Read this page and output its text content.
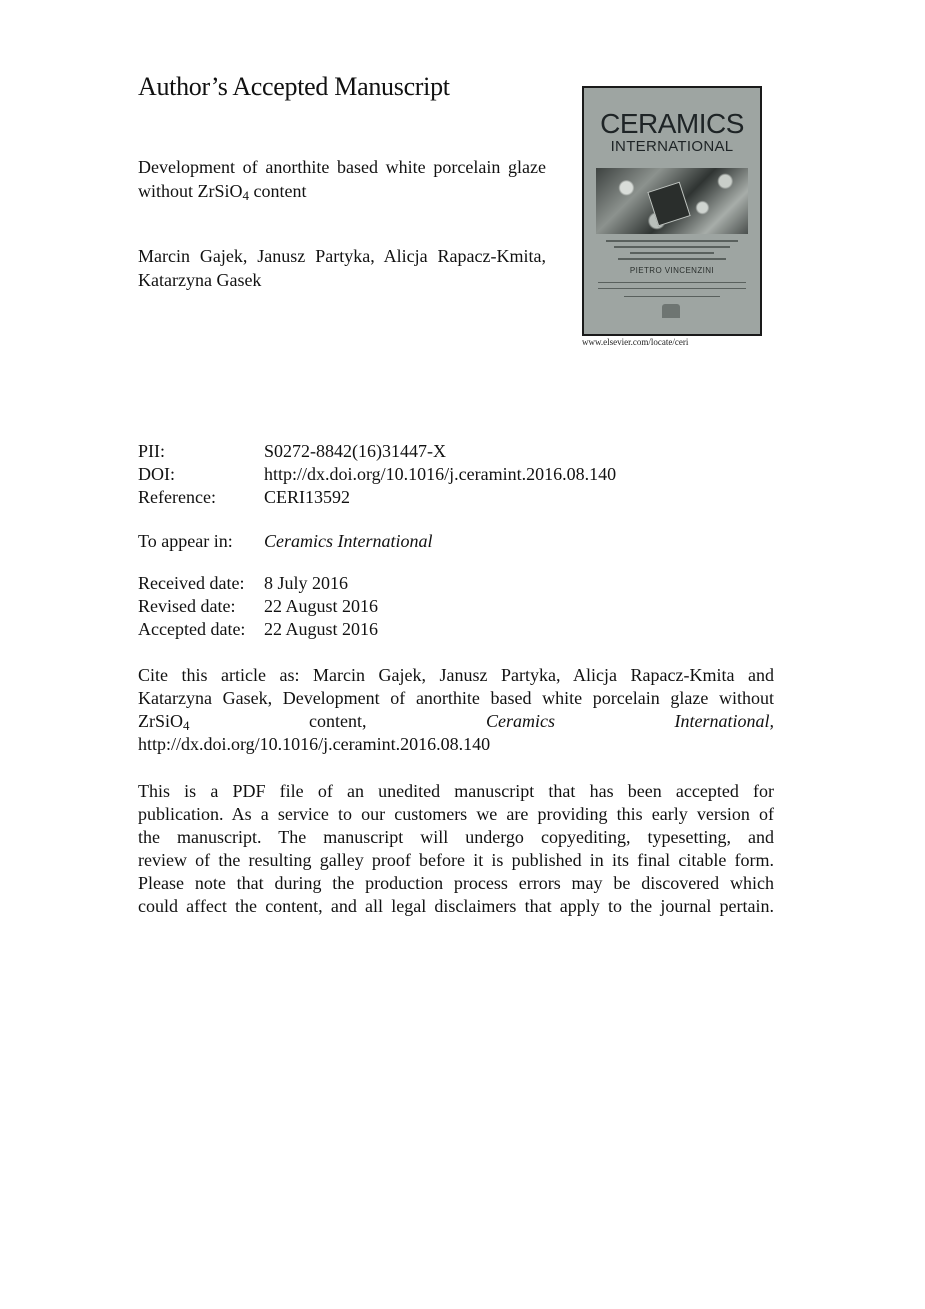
Author’s Accepted Manuscript
Development of anorthite based white porcelain glaze without ZrSiO$_4$ content
Marcin Gajek, Janusz Partyka, Alicja Rapacz-Kmita, Katarzyna Gasek
CERAMICS
INTERNATIONAL
PIETRO VINCENZINI
www.elsevier.com/locate/ceri
PII:	S0272-8842(16)31447-X
DOI:	http://dx.doi.org/10.1016/j.ceramint.2016.08.140
Reference:	CERI13592
To appear in: Ceramics International
Received date: 8 July 2016
Revised date: 22 August 2016
Accepted date: 22 August 2016
Cite this article as: Marcin Gajek, Janusz Partyka, Alicja Rapacz-Kmita and
Katarzyna Gasek, Development of anorthite based white porcelain glaze without
ZrSiO$_4$	content,	Ceramics	International,
http://dx.doi.org/10.1016/j.ceramint.2016.08.140
This is a PDF file of an unedited manuscript that has been accepted for
publication. As a service to our customers we are providing this early version of
the manuscript. The manuscript will undergo copyediting, typesetting, and
review of the resulting galley proof before it is published in its final citable form.
Please note that during the production process errors may be discovered which
could affect the content, and all legal disclaimers that apply to the journal pertain.
